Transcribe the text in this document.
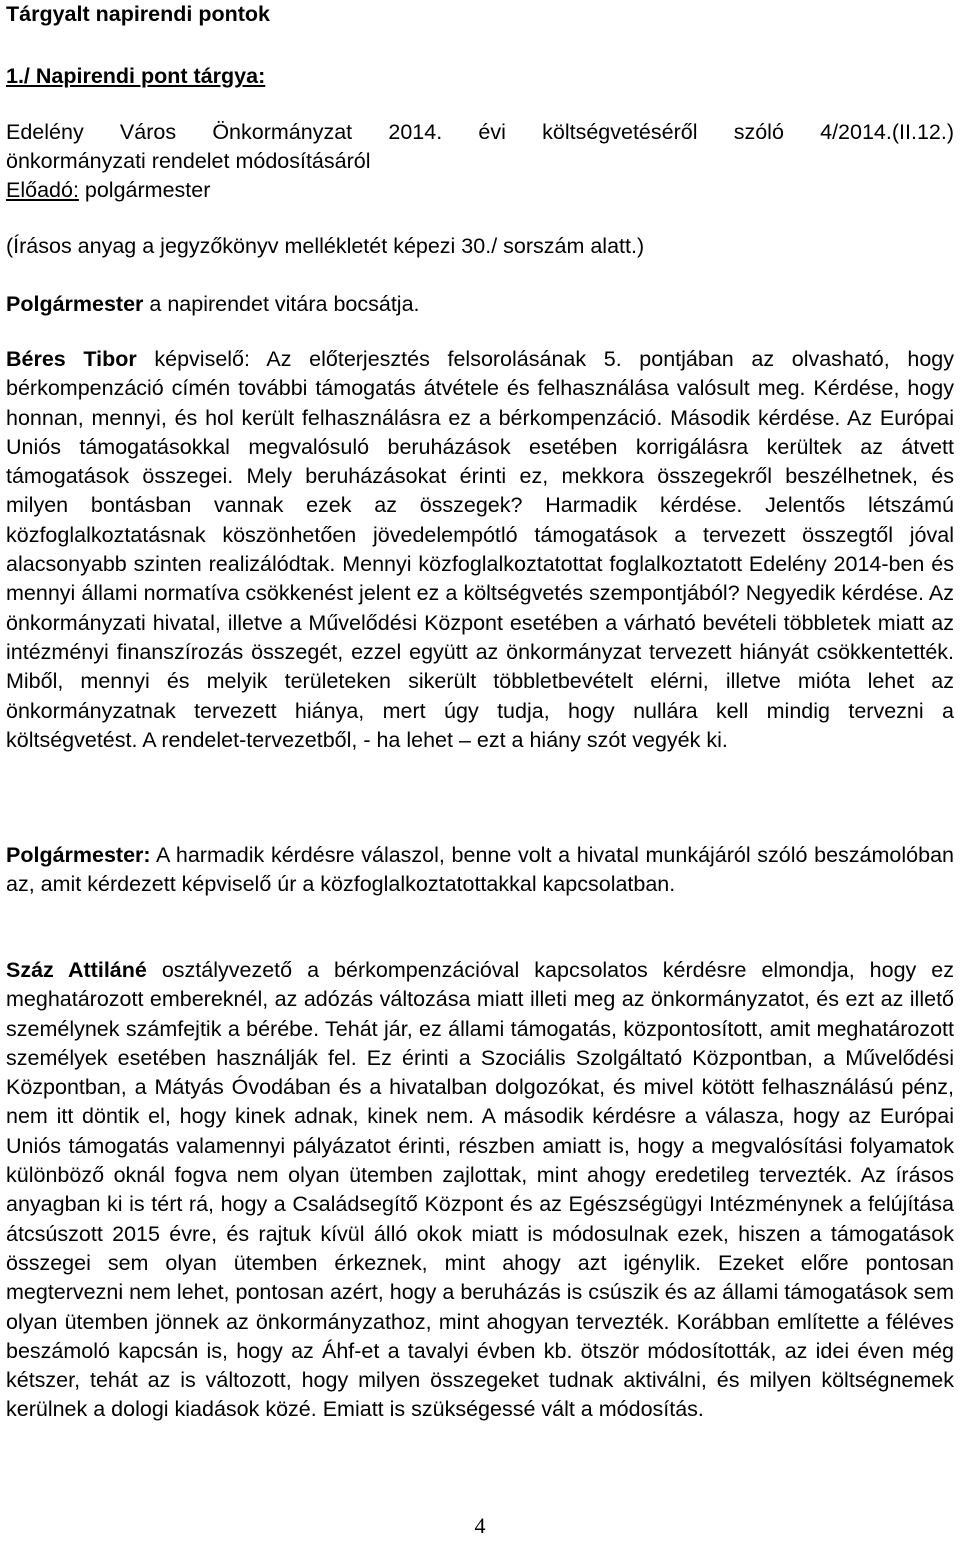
Tárgyalt napirendi pontok
1./ Napirendi pont tárgya:
Edelény Város Önkormányzat 2014. évi költségvetéséről szóló 4/2014.(II.12.)
önkormányzati rendelet módosításáról
Előadó: polgármester
(Írásos anyag a jegyzőkönyv mellékletét képezi 30./ sorszám alatt.)
Polgármester a napirendet vitára bocsátja.

Béres Tibor képviselő: Az előterjesztés felsorolásának 5. pontjában az olvasható, hogy bérkompenzáció címén további támogatás átvétele és felhasználása valósult meg. Kérdése, hogy honnan, mennyi, és hol került felhasználásra ez a bérkompenzáció. Második kérdése. Az Európai Uniós támogatásokkal megvalósuló beruházások esetében korrigálásra kerültek az átvett támogatások összegei. Mely beruházásokat érinti ez, mekkora összegekről beszélhetnek, és milyen bontásban vannak ezek az összegek? Harmadik kérdése. Jelentős létszámú közfoglalkoztatásnak köszönhetően jövedelempótló támogatások a tervezett összegtől jóval alacsonyabb szinten realizálódtak. Mennyi közfoglalkoztatottat foglalkoztatott Edelény 2014-ben és mennyi állami normatíva csökkenést jelent ez a költségvetés szempontjából? Negyedik kérdése. Az önkormányzati hivatal, illetve a Művelődési Központ esetében a várható bevételi többletek miatt az intézményi finanszírozás összegét, ezzel együtt az önkormányzat tervezett hiányát csökkentették. Miből, mennyi és melyik területeken sikerült többletbevételt elérni, illetve mióta lehet az önkormányzatnak tervezett hiánya, mert úgy tudja, hogy nullára kell mindig tervezni a költségvetést. A rendelet-tervezetből, - ha lehet – ezt a hiány szót vegyék ki.

Polgármester: A harmadik kérdésre válaszol, benne volt a hivatal munkájáról szóló beszámolóban az, amit kérdezett képviselő úr a közfoglalkoztatottakkal kapcsolatban.

Száz Attiláné osztályvezető a bérkompenzációval kapcsolatos kérdésre elmondja, hogy ez meghatározott embereknél, az adózás változása miatt illeti meg az önkormányzatot, és ezt az illető személynek számfejtik a bérébe. Tehát jár, ez állami támogatás, központosított, amit meghatározott személyek esetében használják fel. Ez érinti a Szociális Szolgáltató Központban, a Művelődési Központban, a Mátyás Óvodában és a hivatalban dolgozókat, és mivel kötött felhasználású pénz, nem itt döntik el, hogy kinek adnak, kinek nem. A második kérdésre a válasza, hogy az Európai Uniós támogatás valamennyi pályázatot érinti, részben amiatt is, hogy a megvalósítási folyamatok különböző oknál fogva nem olyan ütemben zajlottak, mint ahogy eredetileg tervezték. Az írásos anyagban ki is tért rá, hogy a Családsegítő Központ és az Egészségügyi Intézménynek a felújítása átcsúszott 2015 évre, és rajtuk kívül álló okok miatt is módosulnak ezek, hiszen a támogatások összegei sem olyan ütemben érkeznek, mint ahogy azt igénylik. Ezeket előre pontosan megtervezni nem lehet, pontosan azért, hogy a beruházás is csúszik és az állami támogatások sem olyan ütemben jönnek az önkormányzathoz, mint ahogyan tervezték. Korábban említette a féléves beszámoló kapcsán is, hogy az Áhf-et a tavalyi évben kb. ötször módosították, az idei éven még kétszer, tehát az is változott, hogy milyen összegeket tudnak aktiválni, és milyen költségnemek kerülnek a dologi kiadások közé. Emiatt is szükségessé vált a módosítás.

4
